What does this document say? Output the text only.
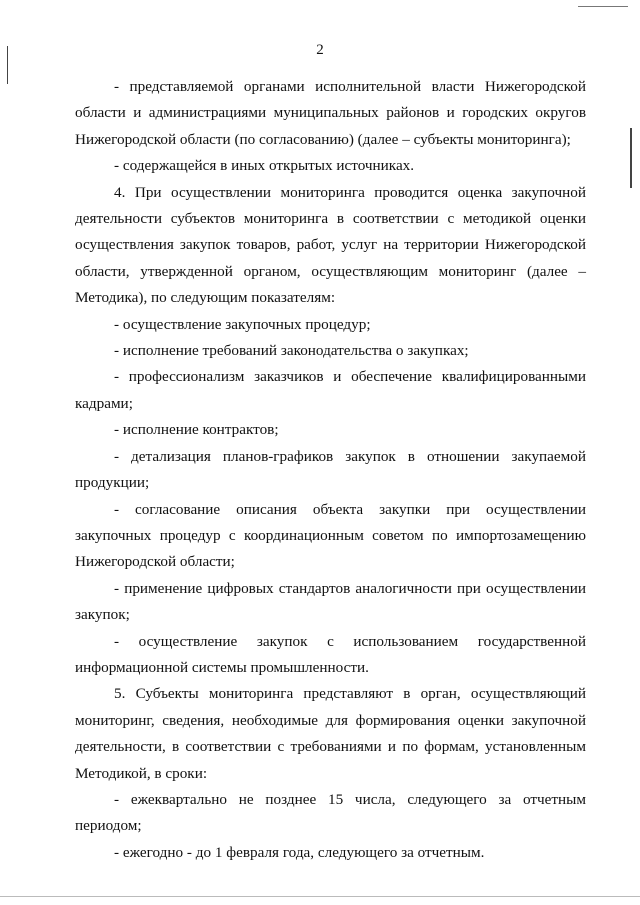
2

- представляемой органами исполнительной власти Нижегородской области и администрациями муниципальных районов и городских округов Нижегородской области (по согласованию) (далее – субъекты мониторинга);

- содержащейся в иных открытых источниках.

4. При осуществлении мониторинга проводится оценка закупочной деятельности субъектов мониторинга в соответствии с методикой оценки осуществления закупок товаров, работ, услуг на территории Нижегородской области, утвержденной органом, осуществляющим мониторинг (далее – Методика), по следующим показателям:

- осуществление закупочных процедур;

- исполнение требований законодательства о закупках;

- профессионализм заказчиков и обеспечение квалифицированными кадрами;

- исполнение контрактов;

- детализация планов-графиков закупок в отношении закупаемой продукции;

- согласование описания объекта закупки при осуществлении закупочных процедур с координационным советом по импортозамещению Нижегородской области;

- применение цифровых стандартов аналогичности при осуществлении закупок;

- осуществление закупок с использованием государственной информационной системы промышленности.

5. Субъекты мониторинга представляют в орган, осуществляющий мониторинг, сведения, необходимые для формирования оценки закупочной деятельности, в соответствии с требованиями и по формам, установленным Методикой, в сроки:

- ежеквартально не позднее 15 числа, следующего за отчетным периодом;

- ежегодно - до 1 февраля года, следующего за отчетным.
